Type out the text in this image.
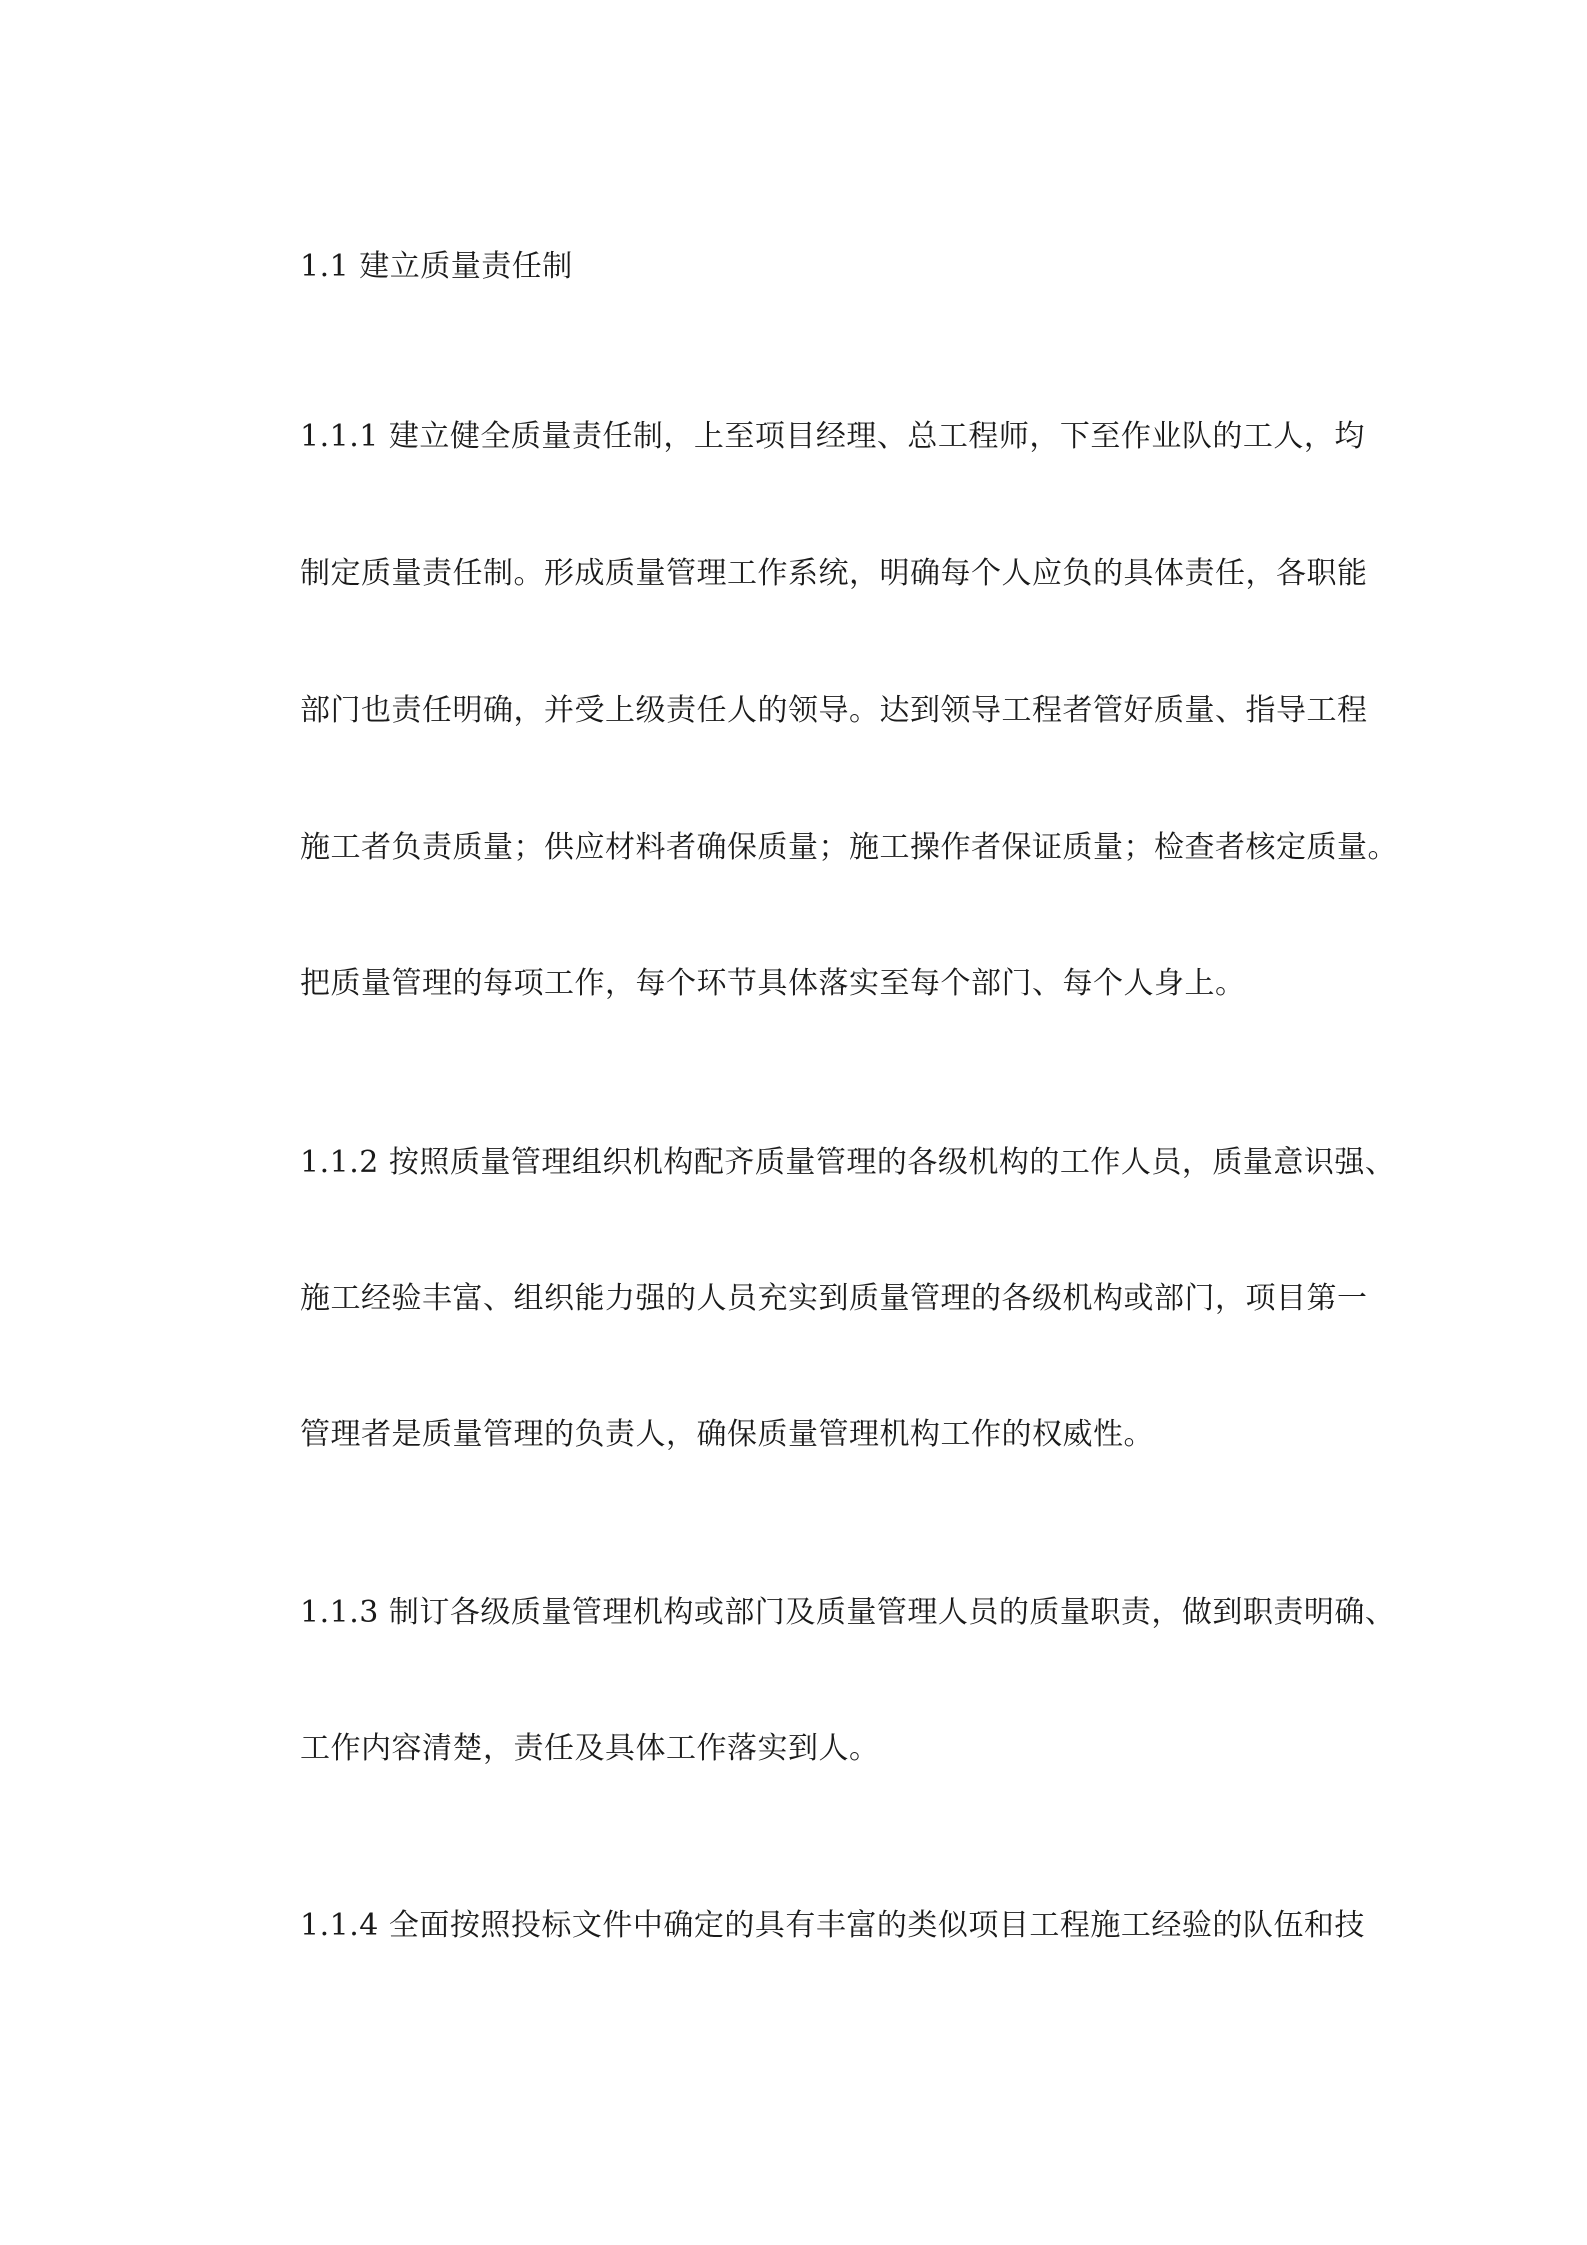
1.1 建立质量责任制
1.1.1 建立健全质量责任制，上至项目经理、总工程师，下至作业队的工人，均
制定质量责任制。形成质量管理工作系统，明确每个人应负的具体责任，各职能
部门也责任明确，并受上级责任人的领导。达到领导工程者管好质量、指导工程
施工者负责质量；供应材料者确保质量；施工操作者保证质量；检查者核定质量。
把质量管理的每项工作，每个环节具体落实至每个部门、每个人身上。
1.1.2 按照质量管理组织机构配齐质量管理的各级机构的工作人员，质量意识强、
施工经验丰富、组织能力强的人员充实到质量管理的各级机构或部门，项目第一
管理者是质量管理的负责人，确保质量管理机构工作的权威性。
1.1.3 制订各级质量管理机构或部门及质量管理人员的质量职责，做到职责明确、
工作内容清楚，责任及具体工作落实到人。
1.1.4 全面按照投标文件中确定的具有丰富的类似项目工程施工经验的队伍和技
